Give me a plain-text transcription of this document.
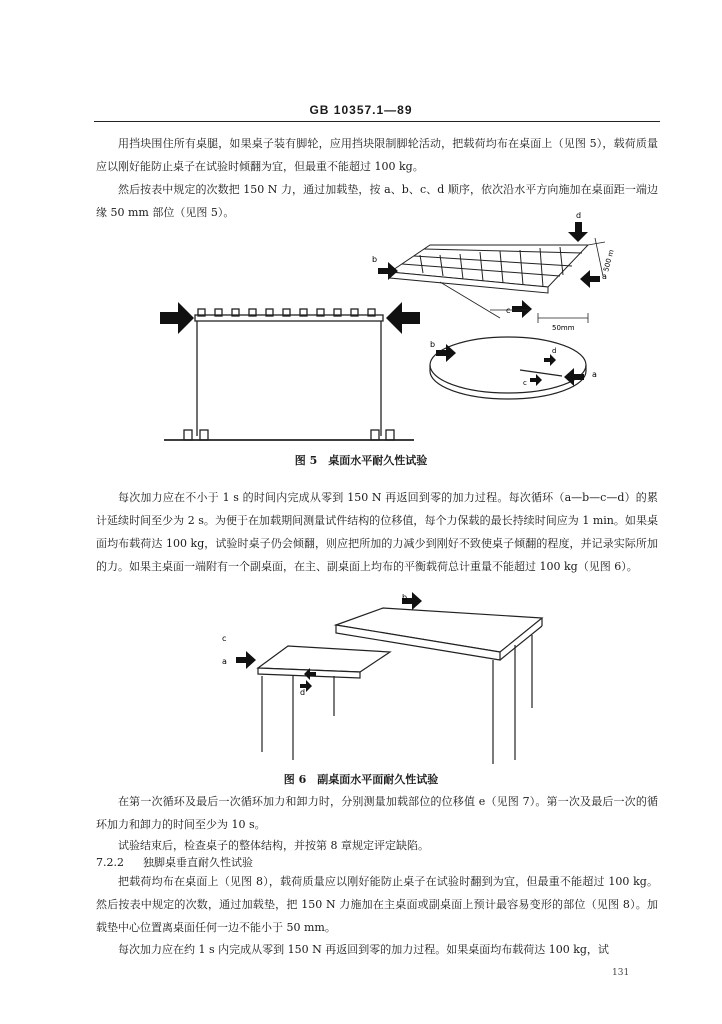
GB 10357.1—89
用挡块围住所有桌腿，如果桌子装有脚轮，应用挡块限制脚轮活动，把载荷均布在桌面上（见图 5），载荷质量应以刚好能防止桌子在试验时倾翻为宜，但最重不能超过 100 kg。
然后按表中规定的次数把 150 N 力，通过加载垫，按 a、b、c、d 顺序，依次沿水平方向施加在桌面距一端边缘 50 mm 部位（见图 5）。
b
d
a
c
50mm
500 m
b
d
c
a
图 5　桌面水平耐久性试验
每次加力应在不小于 1 s 的时间内完成从零到 150 N 再返回到零的加力过程。每次循环（a—b—c—d）的累计延续时间至少为 2 s。为便于在加载期间测量试件结构的位移值，每个力保载的最长持续时间应为 1 min。如果桌面均布载荷达 100 kg，试验时桌子仍会倾翻，则应把所加的力减少到刚好不致使桌子倾翻的程度，并记录实际所加的力。如果主桌面一端附有一个副桌面，在主、副桌面上均布的平衡载荷总计重量不能超过 100 kg（见图 6）。
b
c
a
d
图 6　副桌面水平面耐久性试验
在第一次循环及最后一次循环加力和卸力时，分别测量加载部位的位移值 e（见图 7）。第一次及最后一次的循环加力和卸力的时间至少为 10 s。
试验结束后，检查桌子的整体结构，并按第 8 章规定评定缺陷。
7.2.2 独脚桌垂直耐久性试验
把载荷均布在桌面上（见图 8），载荷质量应以刚好能防止桌子在试验时翻到为宜，但最重不能超过 100 kg。然后按表中规定的次数，通过加载垫，把 150 N 力施加在主桌面或副桌面上预计最容易变形的部位（见图 8）。加载垫中心位置离桌面任何一边不能小于 50 mm。
每次加力应在约 1 s 内完成从零到 150 N 再返回到零的加力过程。如果桌面均布载荷达 100 kg，试
131
